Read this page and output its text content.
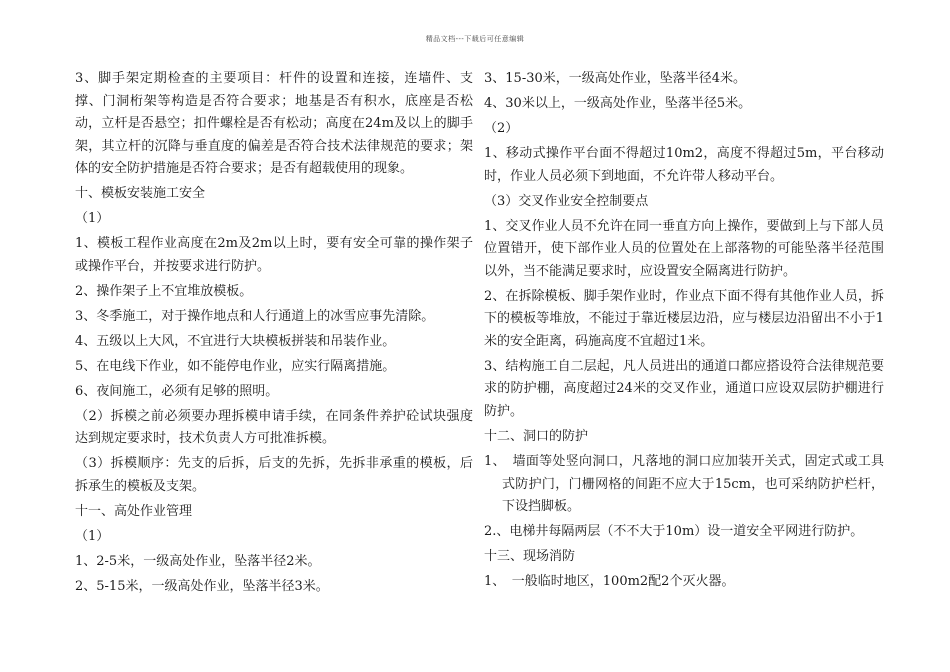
精品文档---下载后可任意编辑

3、脚手架定期检查的主要项目：杆件的设置和连接，连墙件、支撑、门洞桁架等构造是否符合要求；地基是否有积水，底座是否松动，立杆是否悬空；扣件螺栓是否有松动；高度在24m及以上的脚手架，其立杆的沉降与垂直度的偏差是否符合技术法律规范的要求；架体的安全防护措施是否符合要求；是否有超载使用的现象。

十、模板安装施工安全

（1）

1、模板工程作业高度在2m及2m以上时，要有安全可靠的操作架子或操作平台，并按要求进行防护。

2、操作架子上不宜堆放模板。

3、冬季施工，对于操作地点和人行通道上的冰雪应事先清除。

4、五级以上大风，不宜进行大块模板拼装和吊装作业。

5、在电线下作业，如不能停电作业，应实行隔离措施。

6、夜间施工，必须有足够的照明。

（2）拆模之前必须要办理拆模申请手续，在同条件养护砼试块强度达到规定要求时，技术负责人方可批准拆模。

（3）拆模顺序：先支的后拆，后支的先拆，先拆非承重的模板，后拆承生的模板及支架。

十一、高处作业管理

（1）

1、2-5米，一级高处作业，坠落半径2米。

2、5-15米，一级高处作业，坠落半径3米。

3、15-30米，一级高处作业，坠落半径4米。

4、30米以上，一级高处作业，坠落半径5米。

（2）

1、移动式操作平台面不得超过10m2，高度不得超过5m，平台移动时，作业人员必须下到地面，不允许带人移动平台。

（3）交叉作业安全控制要点

1、交叉作业人员不允许在同一垂直方向上操作，要做到上与下部人员位置错开，使下部作业人员的位置处在上部落物的可能坠落半径范围以外，当不能满足要求时，应设置安全隔离进行防护。

2、在拆除模板、脚手架作业时，作业点下面不得有其他作业人员，拆下的模板等堆放，不能过于靠近楼层边沿，应与楼层边沿留出不小于1米的安全距离，码施高度不宜超过1米。

3、结构施工自二层起，凡人员进出的通道口都应搭设符合法律规范要求的防护棚，高度超过24米的交叉作业，通道口应设双层防护棚进行防护。

十二、洞口的防护

1、　墙面等处竖向洞口，凡落地的洞口应加装开关式，固定式或工具式防护门，门栅网格的间距不应大于15cm，也可采纳防护栏杆，下设挡脚板。

2.、电梯井每隔两层（不不大于10m）设一道安全平网进行防护。

十三、现场消防

1、　一般临时地区，100m2配2个灭火器。
